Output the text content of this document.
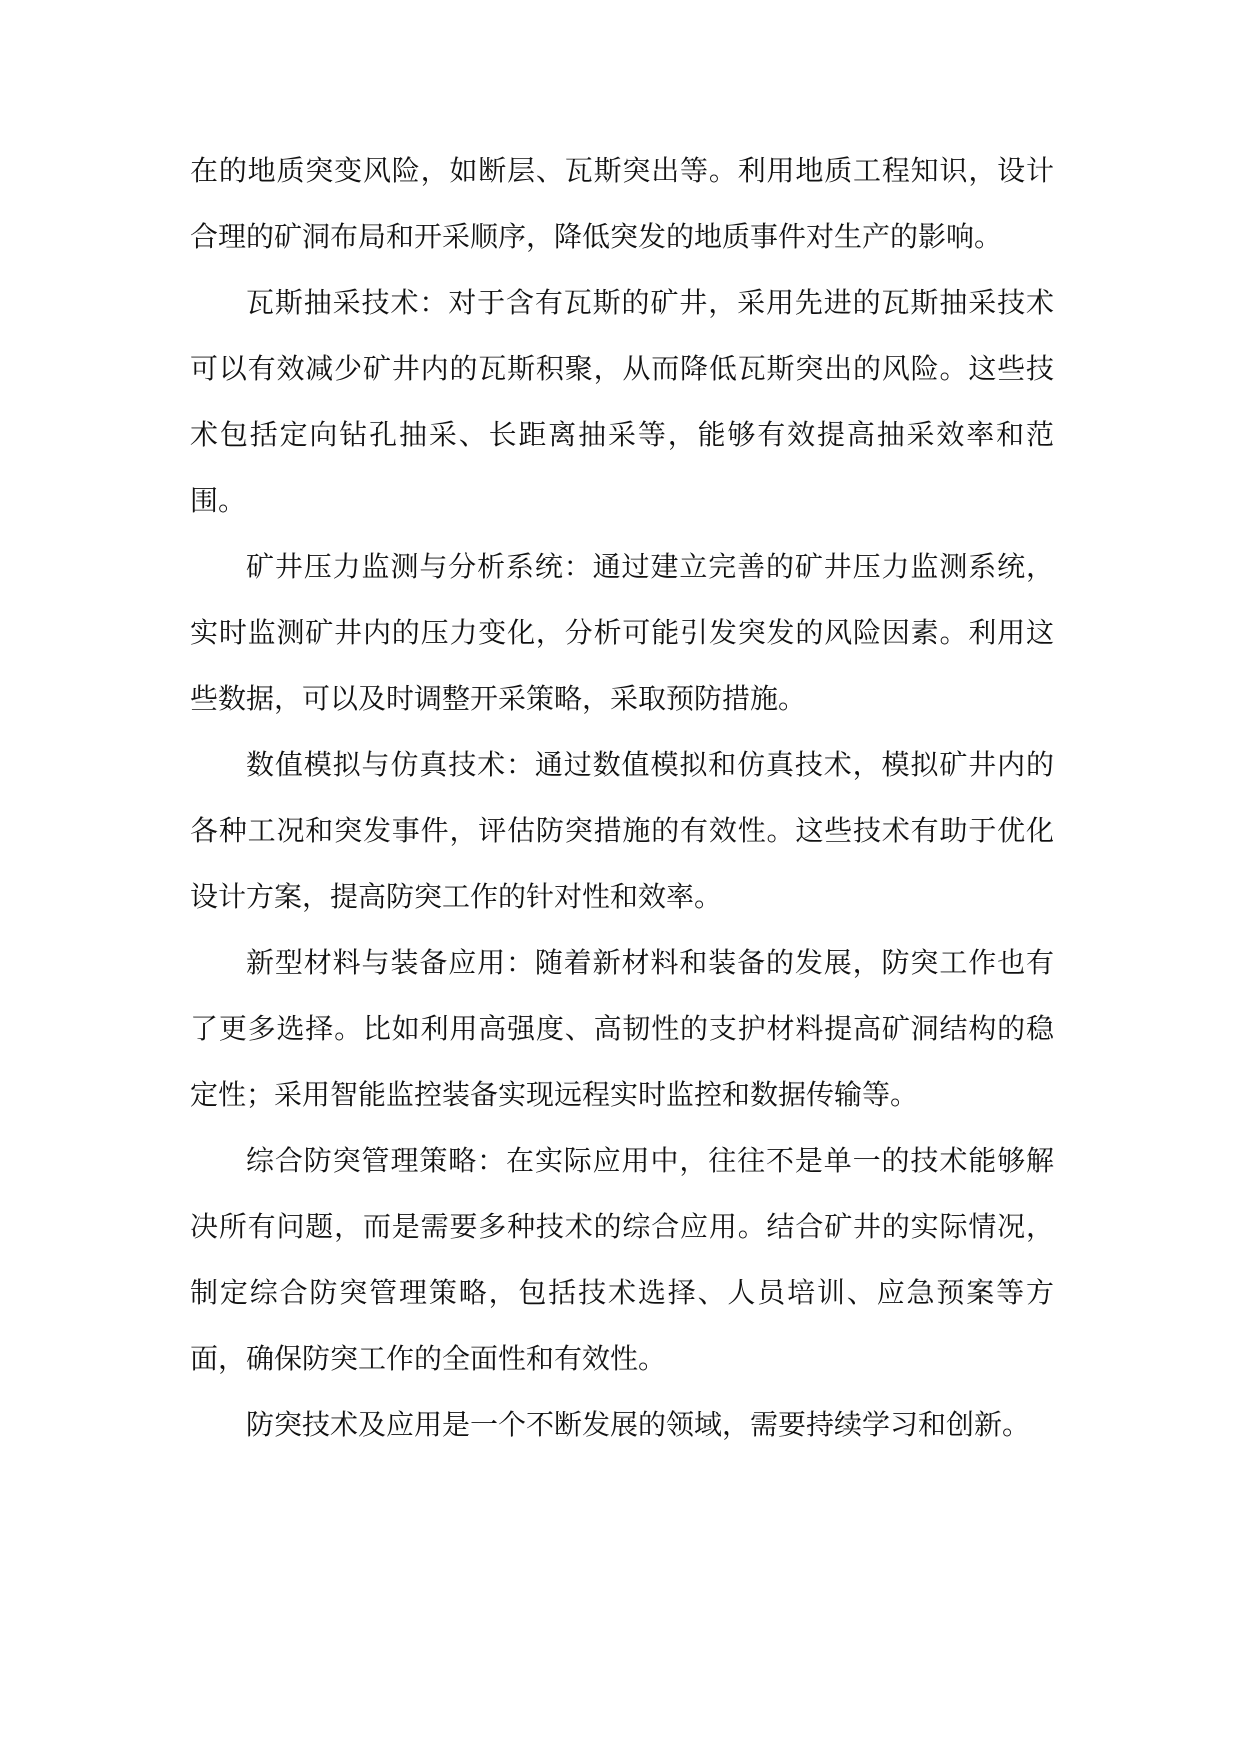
在的地质突变风险，如断层、瓦斯突出等。利用地质工程知识，设计合理的矿洞布局和开采顺序，降低突发的地质事件对生产的影响。

瓦斯抽采技术：对于含有瓦斯的矿井，采用先进的瓦斯抽采技术可以有效减少矿井内的瓦斯积聚，从而降低瓦斯突出的风险。这些技术包括定向钻孔抽采、长距离抽采等，能够有效提高抽采效率和范围。

矿井压力监测与分析系统：通过建立完善的矿井压力监测系统，实时监测矿井内的压力变化，分析可能引发突发的风险因素。利用这些数据，可以及时调整开采策略，采取预防措施。

数值模拟与仿真技术：通过数值模拟和仿真技术，模拟矿井内的各种工况和突发事件，评估防突措施的有效性。这些技术有助于优化设计方案，提高防突工作的针对性和效率。

新型材料与装备应用：随着新材料和装备的发展，防突工作也有了更多选择。比如利用高强度、高韧性的支护材料提高矿洞结构的稳定性；采用智能监控装备实现远程实时监控和数据传输等。

综合防突管理策略：在实际应用中，往往不是单一的技术能够解决所有问题，而是需要多种技术的综合应用。结合矿井的实际情况，制定综合防突管理策略，包括技术选择、人员培训、应急预案等方面，确保防突工作的全面性和有效性。

防突技术及应用是一个不断发展的领域，需要持续学习和创新。
